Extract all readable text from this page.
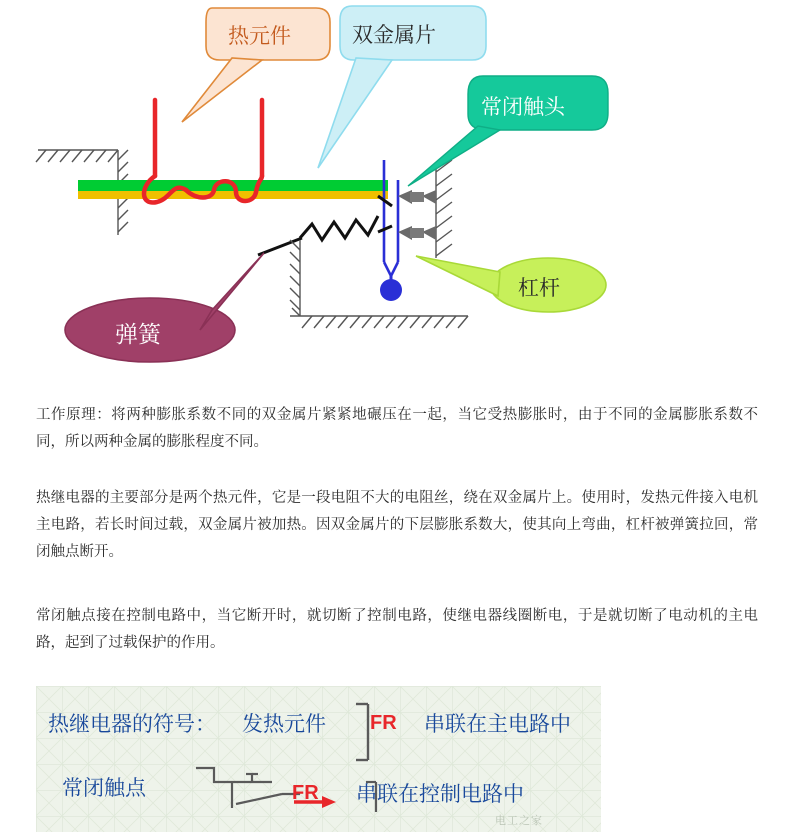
热元件	双金属片
常闭触头
杠杆
弹簧
工作原理：将两种膨胀系数不同的双金属片紧紧地碾压在一起，当它受热膨胀时，由于不同的金属膨胀系数不同，所以两种金属的膨胀程度不同。
热继电器的主要部分是两个热元件，它是一段电阻不大的电阻丝，绕在双金属片上。使用时，发热元件接入电机主电路，若长时间过载，双金属片被加热。因双金属片的下层膨胀系数大，使其向上弯曲，杠杆被弹簧拉回，常闭触点断开。
常闭触点接在控制电路中，当它断开时，就切断了控制电路，使继电器线圈断电，于是就切断了电动机的主电路，起到了过载保护的作用。
热继电器的符号： 发热元件 FR 串联在主电路中
常闭触点	FR 串联在控制电路中
电工之家
